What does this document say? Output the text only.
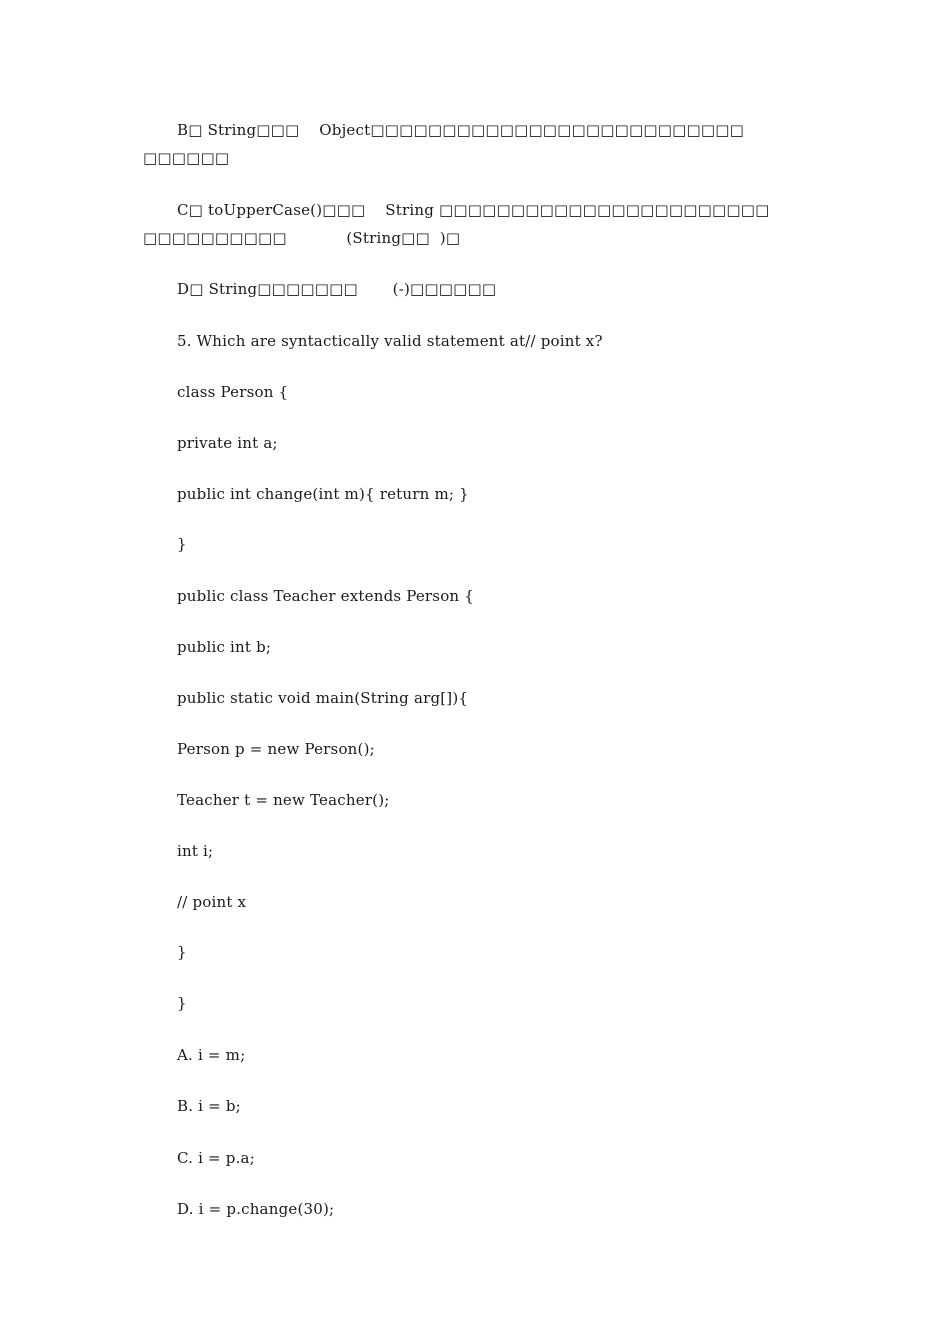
B□ String□□□    Object□□□□□□□□□□□□□□□□□□□□□□□□□□
□□□□□□
C□ toUpperCase()□□□    String □□□□□□□□□□□□□□□□□□□□□□□
□□□□□□□□□□            (String□□  )□
D□ String□□□□□□□       (-)□□□□□□
5. Which are syntactically valid statement at// point x?
class Person {
private int a;
public int change(int m){ return m; }
}
public class Teacher extends Person {
public int b;
public static void main(String arg[]){
Person p = new Person();
Teacher t = new Teacher();
int i;
// point x
}
}
A. i = m;
B. i = b;
C. i = p.a;
D. i = p.change(30);
